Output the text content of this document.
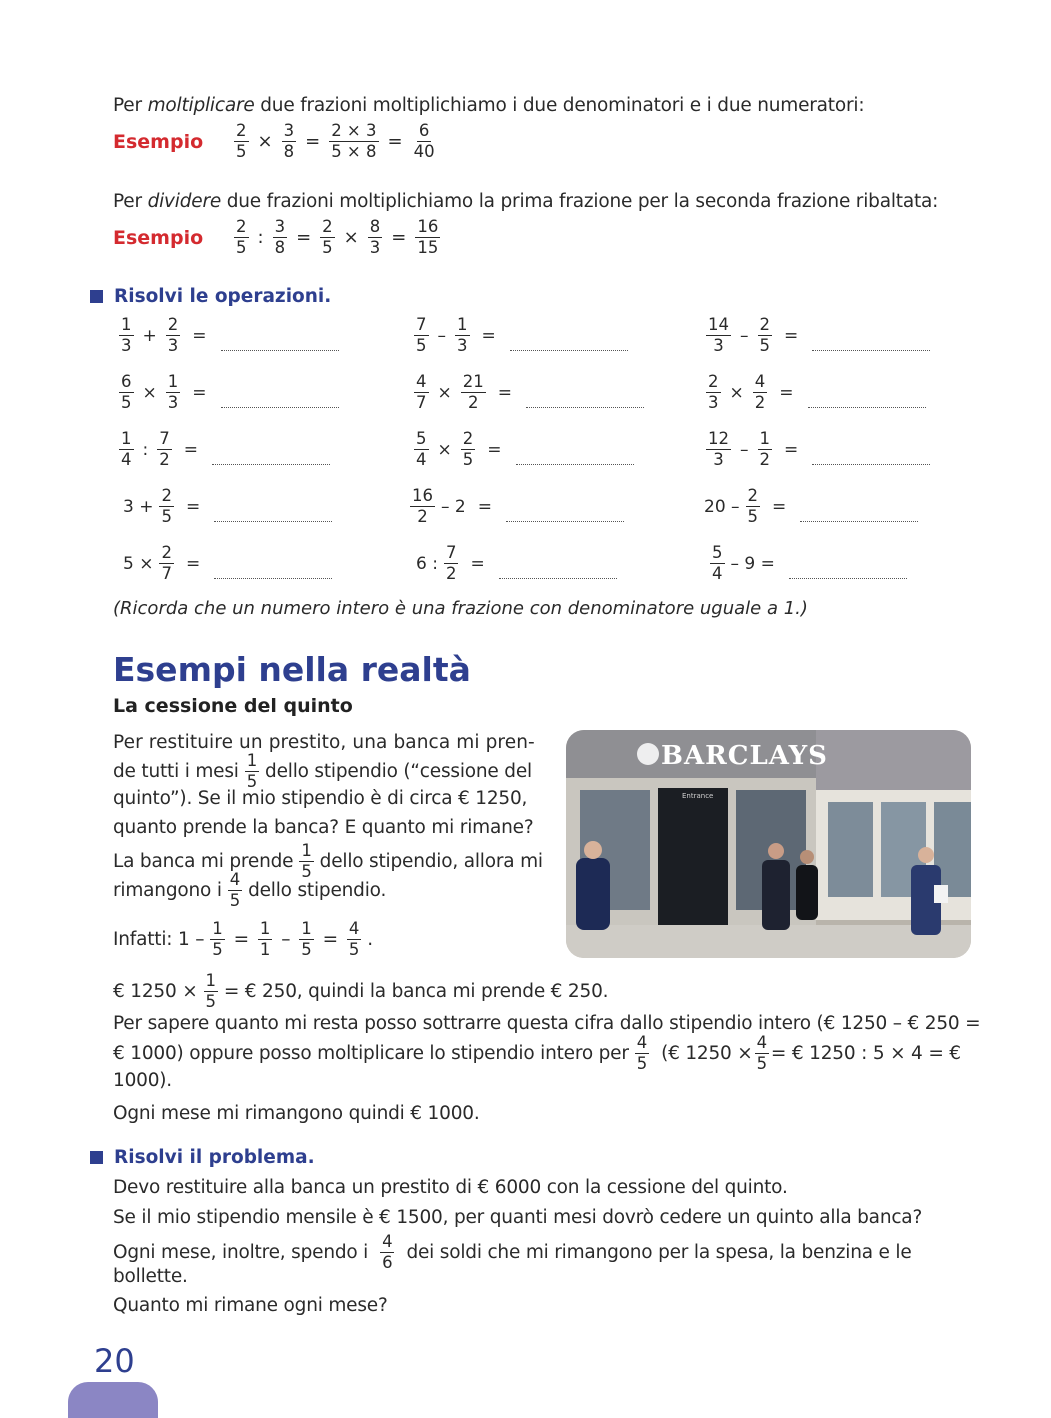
Per moltiplicare due frazioni moltiplichiamo i due denominatori e i due numeratori:
Esempio	$\frac{2}{5} \times \frac{3}{8} = \frac{2 \times 3}{5 \times 8} = \frac{6}{40}$
Per dividere due frazioni moltiplichiamo la prima frazione per la seconda frazione ribaltata:
Esempio	$\frac{2}{5}$ : $\frac{3}{8} = \frac{2}{5} \times \frac{8}{3} = \frac{16}{15}$
Risolvi le operazioni.
$\frac{1}{3} + \frac{2}{3}$ =	$\frac{7}{5} - \frac{1}{3}$ =	$\frac{14}{3} - \frac{2}{5}$ =
$\frac{6}{5} \times \frac{1}{3}$ =	$\frac{4}{7} \times \frac{21}{2}$ =	$\frac{2}{3} \times \frac{4}{2}$ =
$\frac{1}{4}$ : $\frac{7}{2}$ =	$\frac{5}{4} \times \frac{2}{5}$ =	$\frac{12}{3} - \frac{1}{2}$ =
$3 + \frac{2}{5}$ =	$\frac{16}{2} - 2$ =	$20 - \frac{2}{5}$ =
$5 \times \frac{2}{7}$ =	6 : $\frac{7}{2}$ =	$\frac{5}{4} - 9$ =
(Ricorda che un numero intero è una frazione con denominatore uguale a 1.)
Esempi nella realtà
La cessione del quinto
Per restituire un prestito, una banca mi pren-
de tutti i mesi $\frac{1}{5}$ dello stipendio (“cessione del
quinto”). Se il mio stipendio è di circa € 1250,
quanto prende la banca? E quanto mi rimane?
La banca mi prende $\frac{1}{5}$ dello stipendio, allora mi
rimangono i $\frac{4}{5}$ dello stipendio.
Infatti: $1 - \frac{1}{5} = \frac{1}{1} - \frac{1}{5} = \frac{4}{5}$ .
BARCLAYS
Entrance
€ $1250 \times \frac{1}{5}$ = € 250, quindi la banca mi prende € 250.
Per sapere quanto mi resta posso sottrarre questa cifra dallo stipendio intero (€ 1250 – € 250 =
€ 1000) oppure posso moltiplicare lo stipendio intero per $\frac{4}{5}$ (€ $1250 \times \frac{4}{5}$ = € 1250 : 5 × 4 = €
1000).
Ogni mese mi rimangono quindi € 1000.
Risolvi il problema.
Devo restituire alla banca un prestito di € 6000 con la cessione del quinto.
Se il mio stipendio mensile è € 1500, per quanti mesi dovrò cedere un quinto alla banca?
Ogni mese, inoltre, spendo i $\frac{4}{6}$ dei soldi che mi rimangono per la spesa, la benzina e le
bollette.
Quanto mi rimane ogni mese?
20
